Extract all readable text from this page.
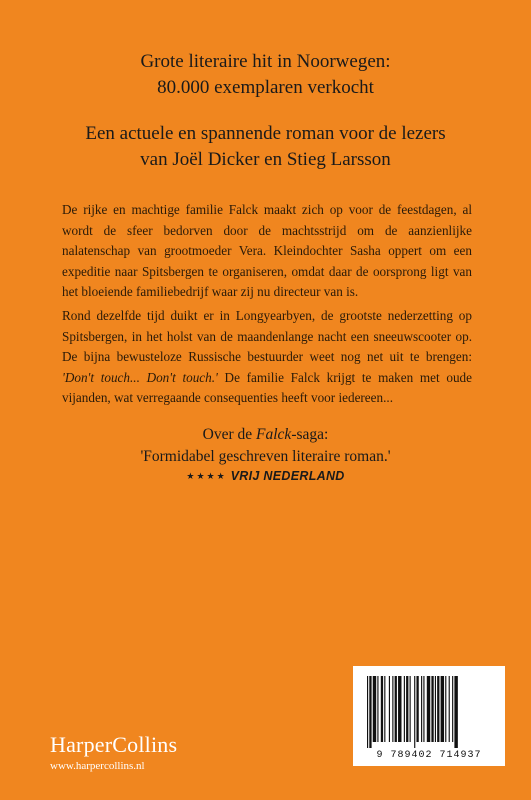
Grote literaire hit in Noorwegen:
80.000 exemplaren verkocht
Een actuele en spannende roman voor de lezers
van Joël Dicker en Stieg Larsson

De rijke en machtige familie Falck maakt zich op voor de feestdagen, al wordt de sfeer bedorven door de machtsstrijd om de aanzienlijke nalatenschap van grootmoeder Vera. Kleindochter Sasha oppert om een expeditie naar Spitsbergen te organiseren, omdat daar de oorsprong ligt van het bloeiende familiebedrijf waar zij nu directeur van is.

Rond dezelfde tijd duikt er in Longyearbyen, de grootste nederzetting op Spitsbergen, in het holst van de maandenlange nacht een sneeuwscooter op. De bijna bewusteloze Russische bestuurder weet nog net uit te brengen: 'Don't touch... Don't touch.' De familie Falck krijgt te maken met oude vijanden, wat verregaande consequenties heeft voor iedereen...

Over de Falck-saga:
'Formidabel geschreven literaire roman.'
★★★★ VRIJ NEDERLAND
HarperCollins
www.harpercollins.nl
9 789402 714937
